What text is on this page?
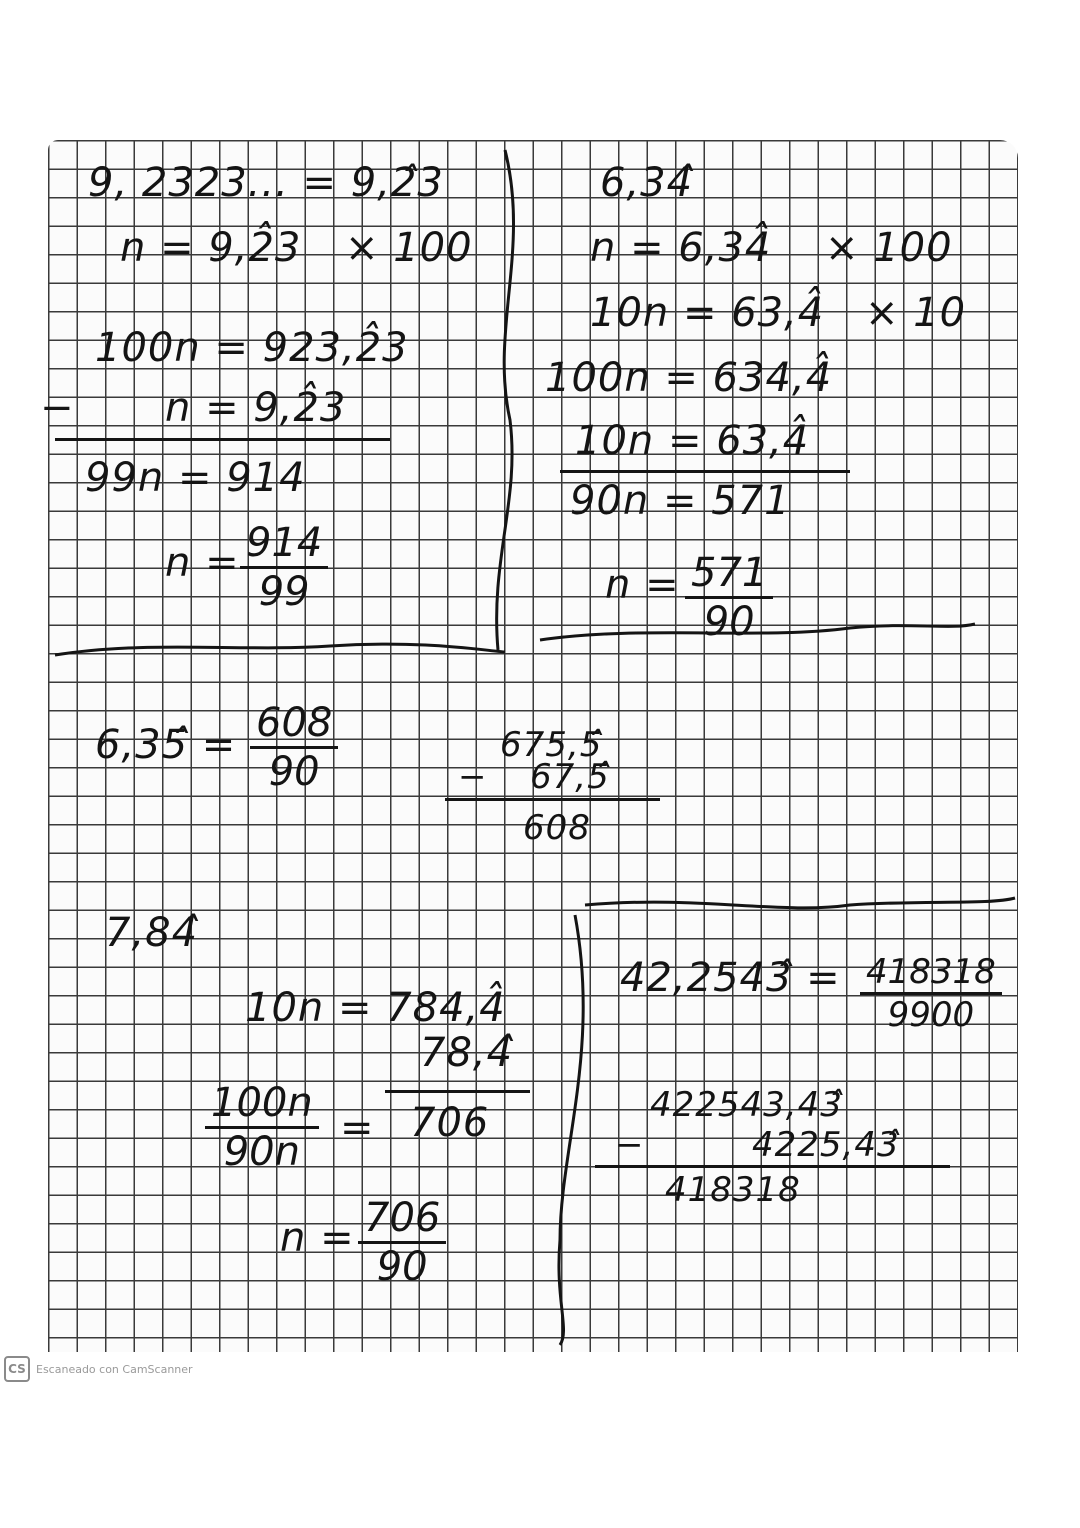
9, 2323... = 9,2̂3
n = 9,2̂3 × 100
100n = 923,2̂3
− n = 9,2̂3
99n = 914
$n = \frac{914}{99}$
6,34̂
n = 6,34̂ × 100
10n = 63,4̂ × 10
100n = 634,4̂
10n = 63,4̂
90n = 571
$n = \frac{571}{90}$
6,35̂ = $\frac{608}{90}$	675,5̂
− 67,5̂
608
7,84̂
10n = 784,4̂
78,4̂
$\frac{100n}{90n} = 706$
$n = \frac{706}{90}$
42,2543̂ = $\frac{418318}{9900}$
422543,43̂
−	4225,43̂
418318
CS Escaneado con CamScanner
